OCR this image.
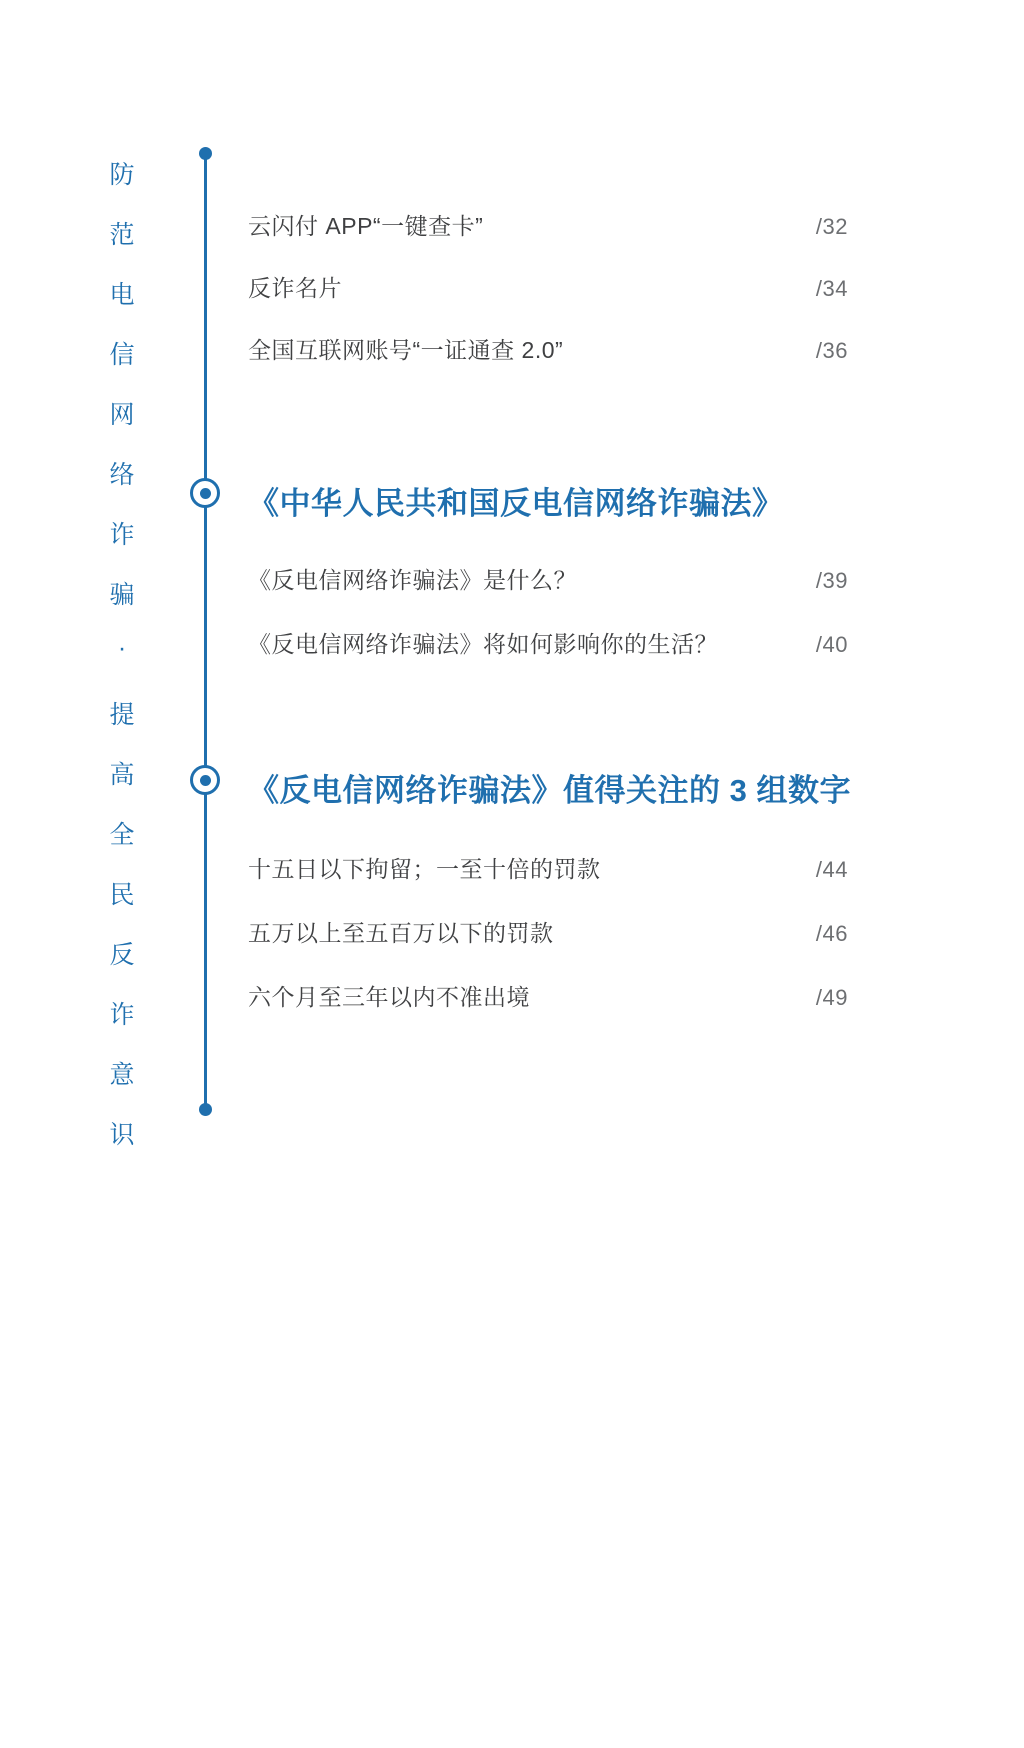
防
范
电
信
网
络
诈
骗
·
提
高
全
民
反
诈
意
识
云闪付 APP“一键查卡”	/32
反诈名片	/34
全国互联网账号“一证通查 2.0”	/36
《中华人民共和国反电信网络诈骗法》
《反电信网络诈骗法》是什么？	/39
《反电信网络诈骗法》将如何影响你的生活？	/40
《反电信网络诈骗法》值得关注的 3 组数字
十五日以下拘留；一至十倍的罚款	/44
五万以上至五百万以下的罚款	/46
六个月至三年以内不准出境	/49
